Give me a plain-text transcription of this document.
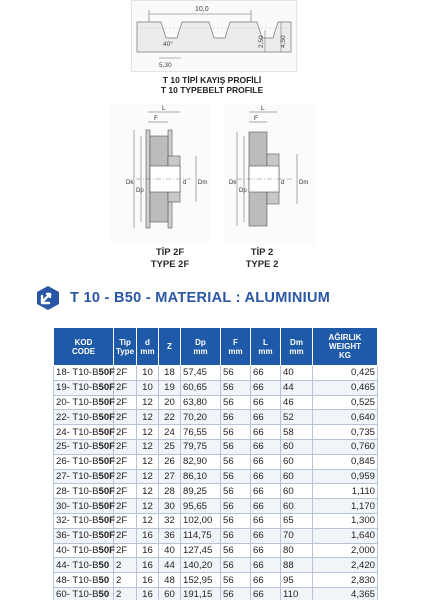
10,0
40°
5,30
2,50 4,50
T 10 TİPİ KAYIŞ PROFİLİ
T 10 TYPEBELT PROFILE
L
F
Dk
Dp
d Dm
L
F
Dk
Dp
d Dm
TİP 2F
TYPE 2F
TİP 2
TYPE 2
T 10 - B50 - MATERIAL : ALUMINIUM
KOD
CODE	Tip
Type	d
mm	Z	Dp
mm	F
mm	L
mm	Dm
mm	AĞIRLIK
WEIGHT
KG
18- T10-B50F	2F	10	18	57,45	56	66	40	0,425
19- T10-B50F	2F	10	19	60,65	56	66	44	0,465
20- T10-B50F	2F	12	20	63,80	56	66	46	0,525
22- T10-B50F	2F	12	22	70,20	56	66	52	0,640
24- T10-B50F	2F	12	24	76,55	56	66	58	0,735
25- T10-B50F	2F	12	25	79,75	56	66	60	0,760
26- T10-B50F	2F	12	26	82,90	56	66	60	0,845
27- T10-B50F	2F	12	27	86,10	56	66	60	0,959
28- T10-B50F	2F	12	28	89,25	56	66	60	1,110
30- T10-B50F	2F	12	30	95,65	56	66	60	1,170
32- T10-B50F	2F	12	32	102,00	56	66	65	1,300
36- T10-B50F	2F	16	36	114,75	56	66	70	1,640
40- T10-B50F	2F	16	40	127,45	56	66	80	2,000
44- T10-B50	2	16	44	140,20	56	66	88	2,420
48- T10-B50	2	16	48	152,95	56	66	95	2,830
60- T10-B50	2	16	60	191,15	56	66	110	4,365
